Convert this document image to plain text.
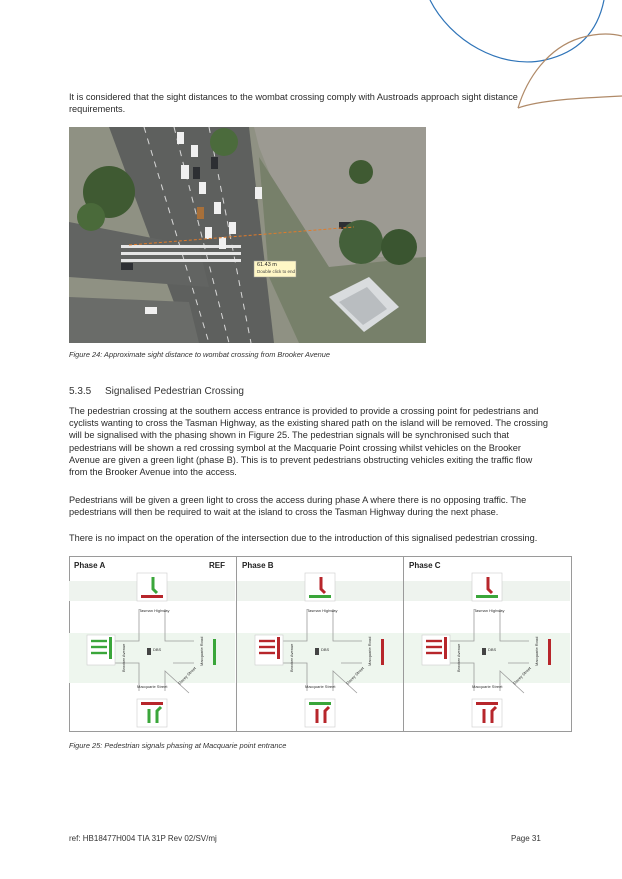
It is considered that the sight distances to the wombat crossing comply with Austroads approach sight distance requirements.

61.43 m
Double click to end
Figure 24: Approximate sight distance to wombat crossing from Brooker Avenue
5.3.5 Signalised Pedestrian Crossing

The pedestrian crossing at the southern access entrance is provided to provide a crossing point for pedestrians and cyclists wanting to cross the Tasman Highway, as the existing shared path on the island will be removed. The crossing will be signalised with the phasing shown in Figure 25. The pedestrian signals will be synchronised such that pedestrians will be shown a red crossing symbol at the Macquarie Point crossing whilst vehicles on the Brooker Avenue are given a green light (phase B). This is to prevent pedestrians obstructing vehicles exiting the traffic flow from the Brooker Avenue into the access.

Pedestrians will be given a green light to cross the access during phase A where there is no opposing traffic. The pedestrians will then be required to wait at the island to cross the Tasman Highway during the next phase.

There is no impact on the operation of the intersection due to the introduction of this signalised pedestrian crossing.

Phase A	REF
Tasman Highway
Macquarie Street
Brooker Avenue	Macquarie Road
Davey Street
DBS
Phase B
Tasman Highway
Macquarie Street
Brooker Avenue	Macquarie Road
Davey Street
DBS
Phase C
Tasman Highway
Macquarie Street
Brooker Avenue	Macquarie Road
Davey Street
DBS
Figure 25: Pedestrian signals phasing at Macquarie point entrance
ref: HB18477H004 TIA 31P Rev 02/SV/mj	Page 31
